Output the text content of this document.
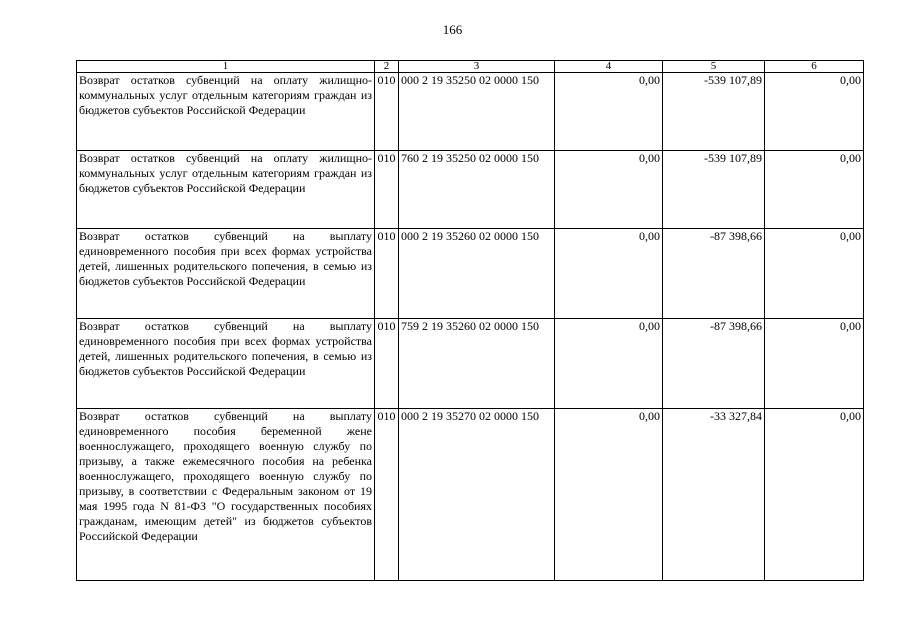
166
1	2	3	4	5	6
Возврат остатков субвенций на оплату жилищно-коммунальных услуг отдельным категориям граждан из бюджетов субъектов Российской Федерации	010	000 2 19 35250 02 0000 150	0,00	-539 107,89	0,00
Возврат остатков субвенций на оплату жилищно-коммунальных услуг отдельным категориям граждан из бюджетов субъектов Российской Федерации	010	760 2 19 35250 02 0000 150	0,00	-539 107,89	0,00
Возврат остатков субвенций на выплату единовременного пособия при всех формах устройства детей, лишенных родительского попечения, в семью из бюджетов субъектов Российской Федерации	010	000 2 19 35260 02 0000 150	0,00	-87 398,66	0,00
Возврат остатков субвенций на выплату единовременного пособия при всех формах устройства детей, лишенных родительского попечения, в семью из бюджетов субъектов Российской Федерации	010	759 2 19 35260 02 0000 150	0,00	-87 398,66	0,00
Возврат остатков субвенций на выплату единовременного пособия беременной жене военнослужащего, проходящего военную службу по призыву, а также ежемесячного пособия на ребенка военнослужащего, проходящего военную службу по призыву, в соответствии с Федеральным законом от 19 мая 1995 года N 81-ФЗ "О государственных пособиях гражданам, имеющим детей" из бюджетов субъектов Российской Федерации	010	000 2 19 35270 02 0000 150	0,00	-33 327,84	0,00
